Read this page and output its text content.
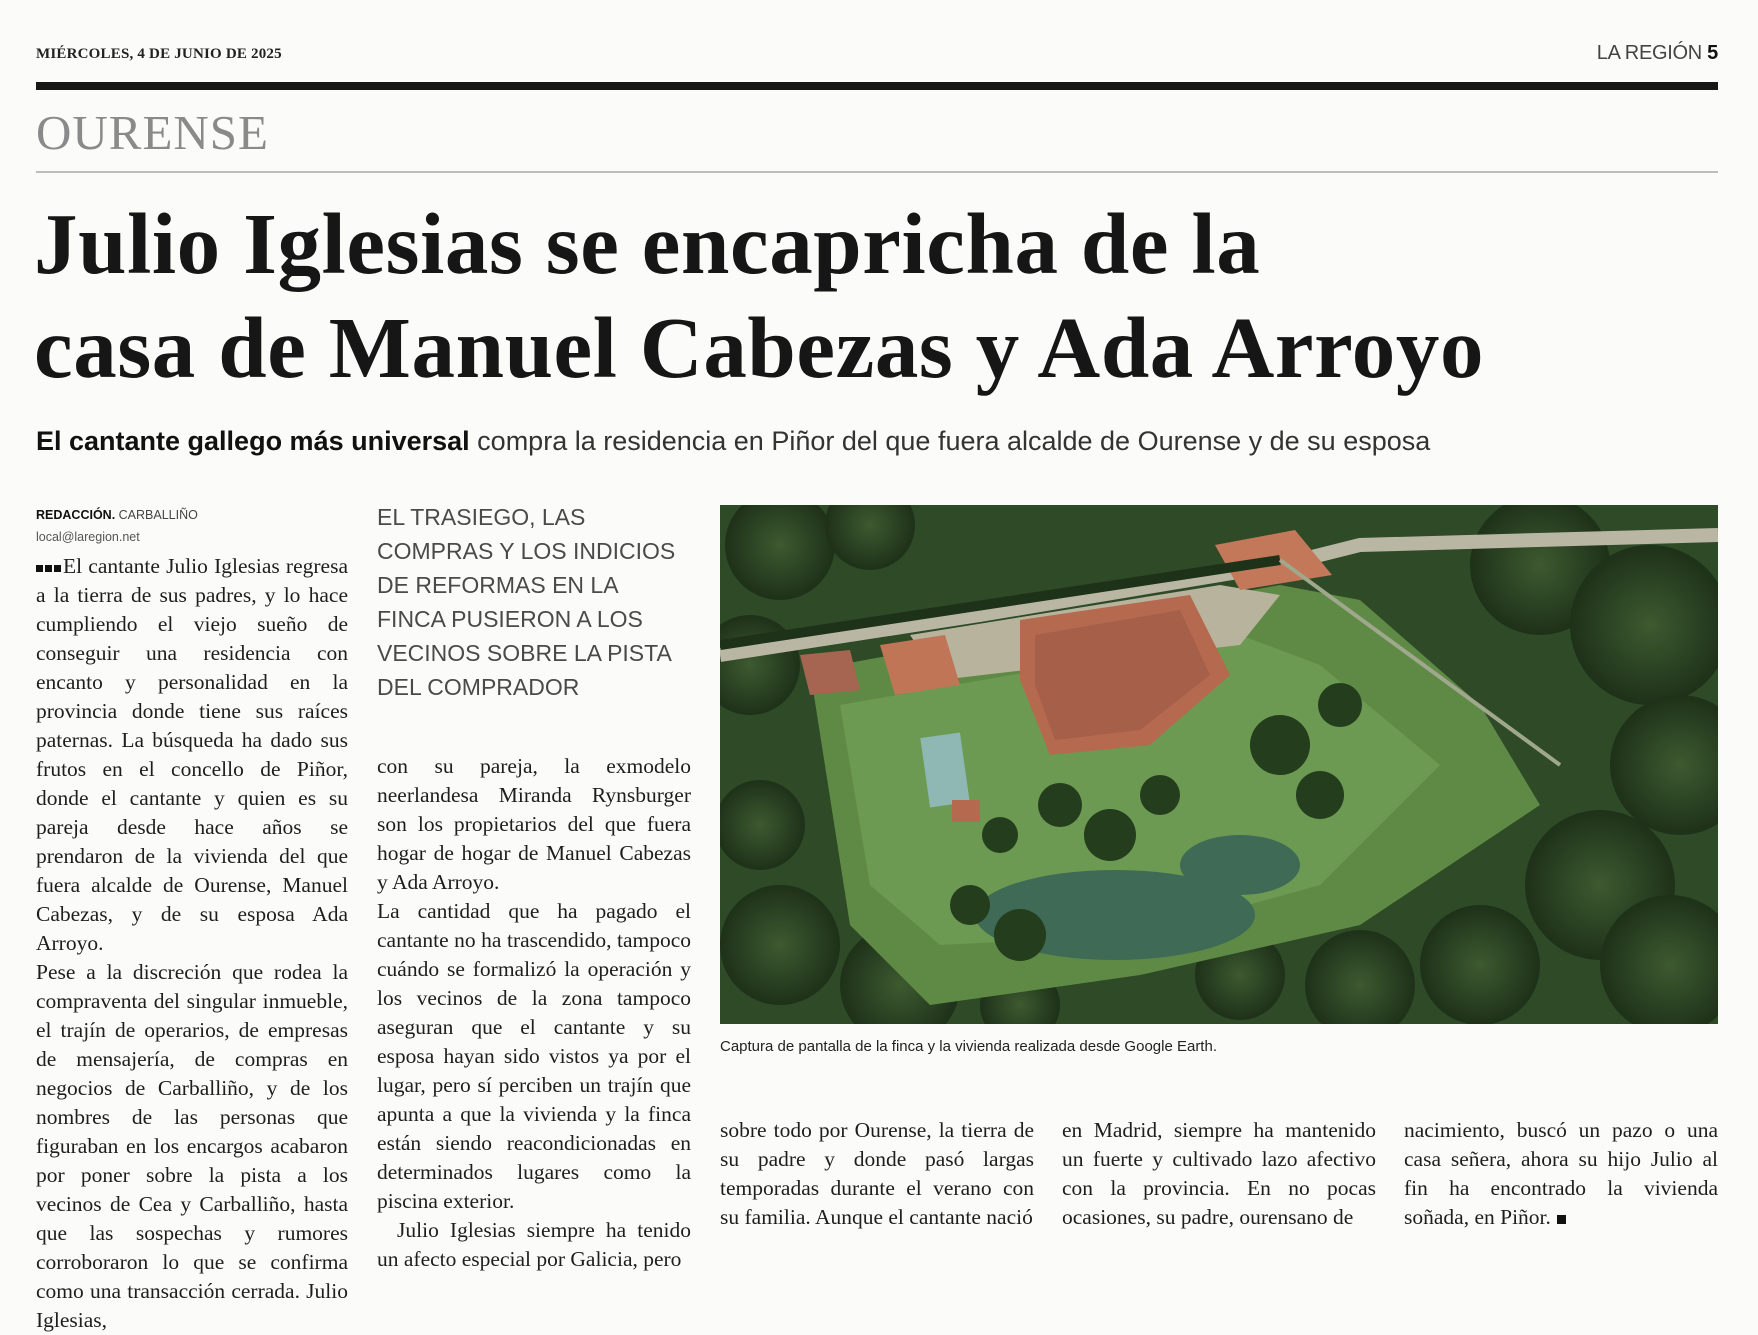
MIÉRCOLES, 4 DE JUNIO DE 2025	LA REGIÓN 5
OURENSE
Julio Iglesias se encapricha de la
casa de Manuel Cabezas y Ada Arroyo
El cantante gallego más universal compra la residencia en Piñor del que fuera alcalde de Ourense y de su esposa
REDACCIÓN. CARBALLIÑO
local@laregion.net

El cantante Julio Iglesias regresa a la tierra de sus padres, y lo hace cumpliendo el viejo sueño de conseguir una residencia con encanto y personalidad en la provincia donde tiene sus raíces paternas. La búsqueda ha dado sus frutos en el concello de Piñor, donde el cantante y quien es su pareja desde hace años se prendaron de la vivienda del que fuera alcalde de Ourense, Manuel Cabezas, y de su esposa Ada Arroyo.

Pese a la discreción que rodea la compraventa del singular inmueble, el trajín de operarios, de empresas de mensajería, de compras en negocios de Carballiño, y de los nombres de las personas que figuraban en los encargos acabaron por poner sobre la pista a los vecinos de Cea y Carballiño, hasta que las sospechas y rumores corroboraron lo que se confirma como una transacción cerrada. Julio Iglesias,

EL TRASIEGO, LAS
COMPRAS Y LOS INDICIOS
DE REFORMAS EN LA
FINCA PUSIERON A LOS
VECINOS SOBRE LA PISTA
DEL COMPRADOR

con su pareja, la exmodelo neerlandesa Miranda Rynsburger son los propietarios del que fuera hogar de hogar de Manuel Cabezas y Ada Arroyo.

La cantidad que ha pagado el cantante no ha trascendido, tampoco cuándo se formalizó la operación y los vecinos de la zona tampoco aseguran que el cantante y su esposa hayan sido vistos ya por el lugar, pero sí perciben un trajín que apunta a que la vivienda y la finca están siendo reacondicionadas en determinados lugares como la piscina exterior.

Julio Iglesias siempre ha tenido un afecto especial por Galicia, pero

Captura de pantalla de la finca y la vivienda realizada desde Google Earth.

sobre todo por Ourense, la tierra de su padre y donde pasó largas temporadas durante el verano con su familia. Aunque el cantante nació

en Madrid, siempre ha mantenido un fuerte y cultivado lazo afectivo con la provincia. En no pocas ocasiones, su padre, ourensano de

nacimiento, buscó un pazo o una casa señera, ahora su hijo Julio al fin ha encontrado la vivienda soñada, en Piñor.
